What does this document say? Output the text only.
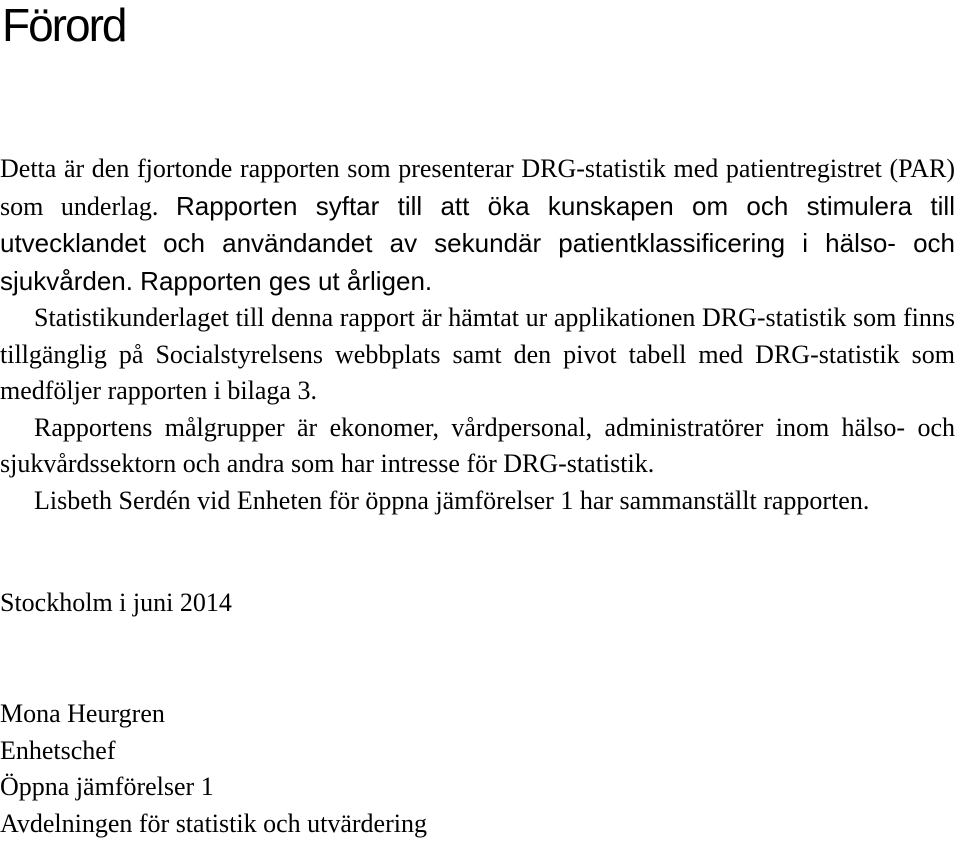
Förord

Detta är den fjortonde rapporten som presenterar DRG-statistik med patientregistret (PAR) som underlag. Rapporten syftar till att öka kunskapen om och stimulera till utvecklandet och användandet av sekundär patientklassificering i hälso- och sjukvården. Rapporten ges ut årligen.

Statistikunderlaget till denna rapport är hämtat ur applikationen DRG-statistik som finns tillgänglig på Socialstyrelsens webbplats samt den pivot tabell med DRG-statistik som medföljer rapporten i bilaga 3.

Rapportens målgrupper är ekonomer, vårdpersonal, administratörer inom hälso- och sjukvårdssektorn och andra som har intresse för DRG-statistik.

Lisbeth Serdén vid Enheten för öppna jämförelser 1 har sammanställt rapporten.

Stockholm i juni 2014

Mona Heurgren
Enhetschef
Öppna jämförelser 1
Avdelningen för statistik och utvärdering
